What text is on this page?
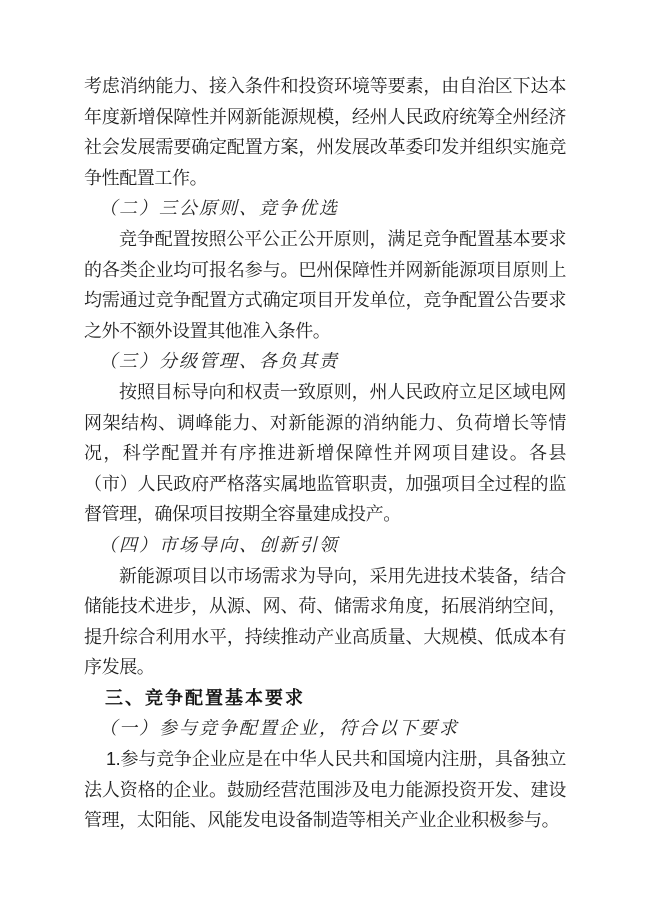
考虑消纳能力、接入条件和投资环境等要素，由自治区下达本年度新增保障性并网新能源规模，经州人民政府统筹全州经济社会发展需要确定配置方案，州发展改革委印发并组织实施竞争性配置工作。

（二）三公原则、竞争优选

竞争配置按照公平公正公开原则，满足竞争配置基本要求的各类企业均可报名参与。巴州保障性并网新能源项目原则上均需通过竞争配置方式确定项目开发单位，竞争配置公告要求之外不额外设置其他准入条件。

（三）分级管理、各负其责

按照目标导向和权责一致原则，州人民政府立足区域电网网架结构、调峰能力、对新能源的消纳能力、负荷增长等情况，科学配置并有序推进新增保障性并网项目建设。各县（市）人民政府严格落实属地监管职责，加强项目全过程的监督管理，确保项目按期全容量建成投产。

（四）市场导向、创新引领

新能源项目以市场需求为导向，采用先进技术装备，结合储能技术进步，从源、网、荷、储需求角度，拓展消纳空间，提升综合利用水平，持续推动产业高质量、大规模、低成本有序发展。

三、竞争配置基本要求

（一）参与竞争配置企业，符合以下要求

1.参与竞争企业应是在中华人民共和国境内注册，具备独立法人资格的企业。鼓励经营范围涉及电力能源投资开发、建设管理，太阳能、风能发电设备制造等相关产业企业积极参与。
